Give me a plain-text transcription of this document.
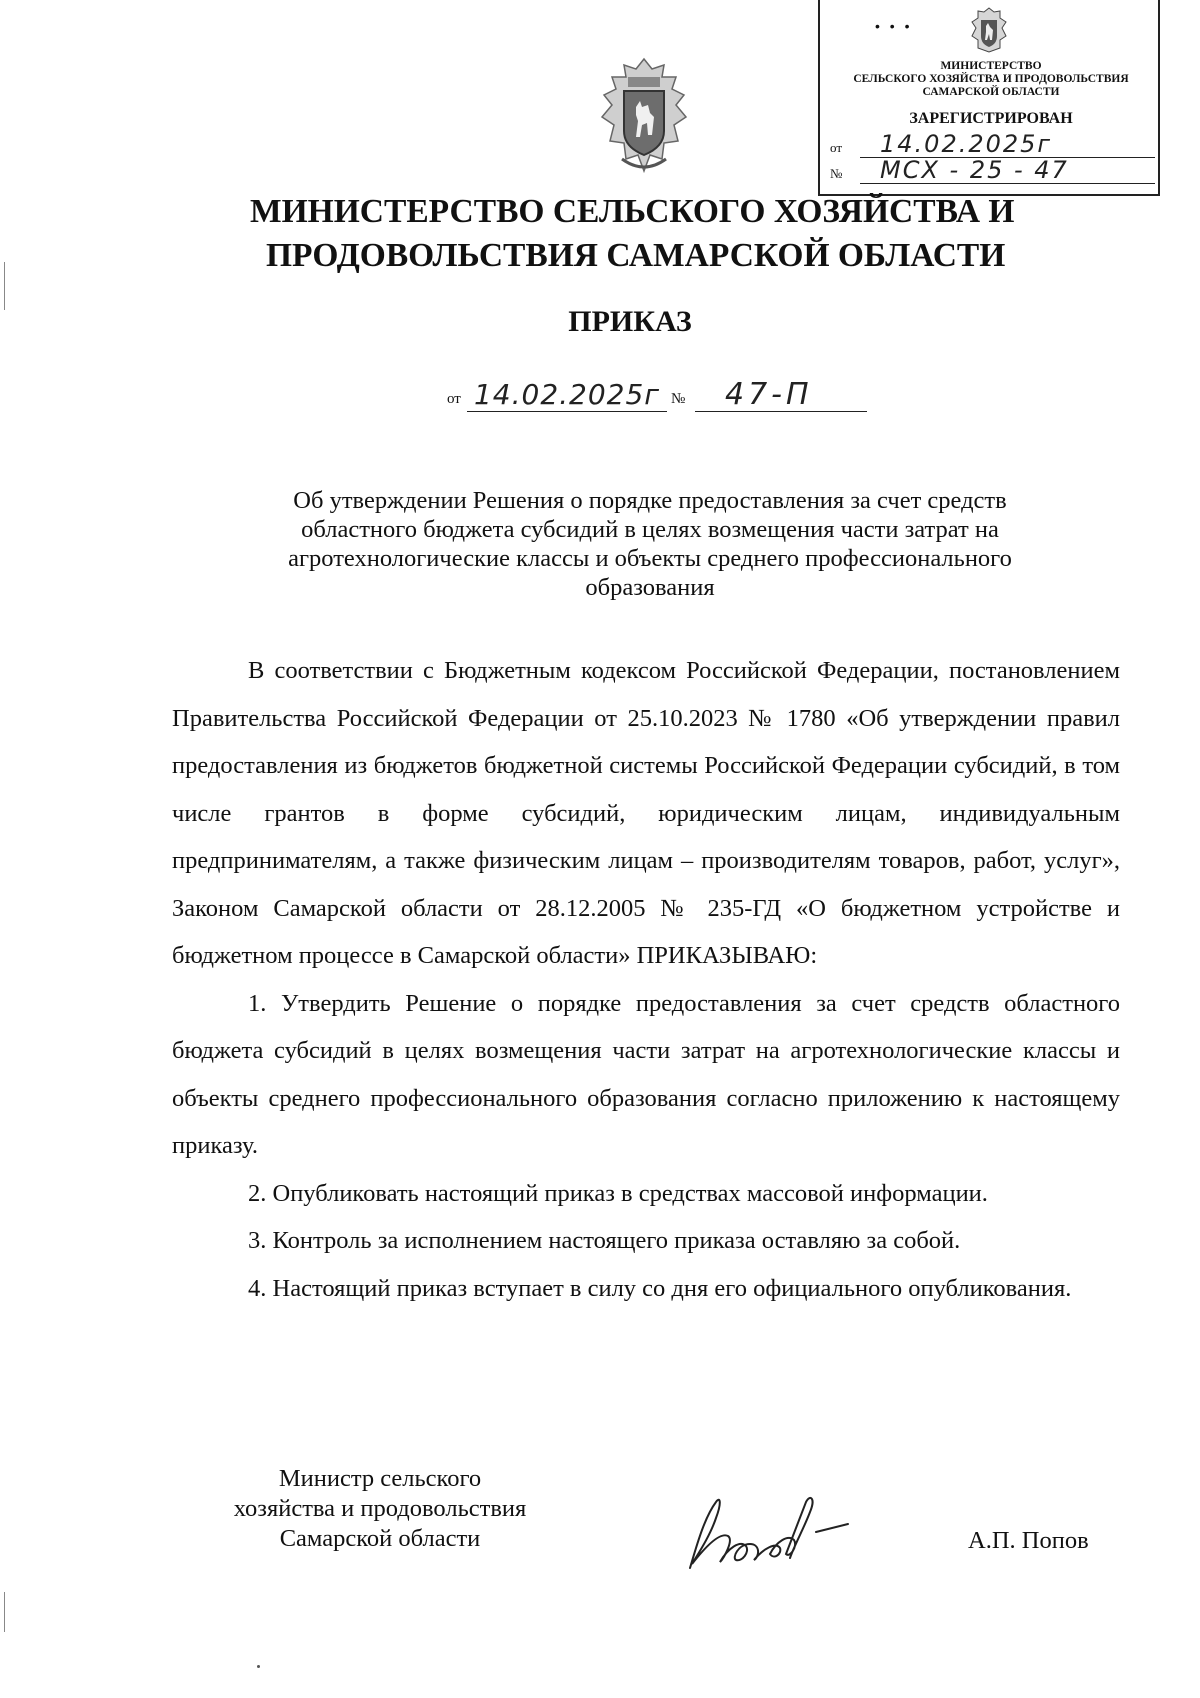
• • •
МИНИСТЕРСТВО
СЕЛЬСКОГО ХОЗЯЙСТВА И ПРОДОВОЛЬСТВИЯ
САМАРСКОЙ ОБЛАСТИ
ЗАРЕГИСТРИРОВАН
от	14.02.2025г
№	МСХ - 25 - 47
МИНИСТЕРСТВО СЕЛЬСКОГО ХОЗЯЙСТВА И
ПРОДОВОЛЬСТВИЯ САМАРСКОЙ ОБЛАСТИ
ПРИКАЗ
от 14.02.2025г №	47-П
Об утверждении Решения о порядке предоставления за счет средств
областного бюджета субсидий в целях возмещения части затрат на
агротехнологические классы и объекты среднего профессионального
образования

В соответствии с Бюджетным кодексом Российской Федерации, постановлением Правительства Российской Федерации от 25.10.2023 № 1780 «Об утверждении правил предоставления из бюджетов бюджетной системы Российской Федерации субсидий, в том числе грантов в форме субсидий, юридическим лицам, индивидуальным предпринимателям, а также физическим лицам – производителям товаров, работ, услуг», Законом Самарской области от 28.12.2005 № 235-ГД «О бюджетном устройстве и бюджетном процессе в Самарской области» ПРИКАЗЫВАЮ:

1. Утвердить Решение о порядке предоставления за счет средств областного бюджета субсидий в целях возмещения части затрат на агротехнологические классы и объекты среднего профессионального образования согласно приложению к настоящему приказу.

2. Опубликовать настоящий приказ в средствах массовой информации.

3. Контроль за исполнением настоящего приказа оставляю за собой.

4. Настоящий приказ вступает в силу со дня его официального опубликования.

Министр сельского
хозяйства и продовольствия
Самарской области	А.П. Попов
